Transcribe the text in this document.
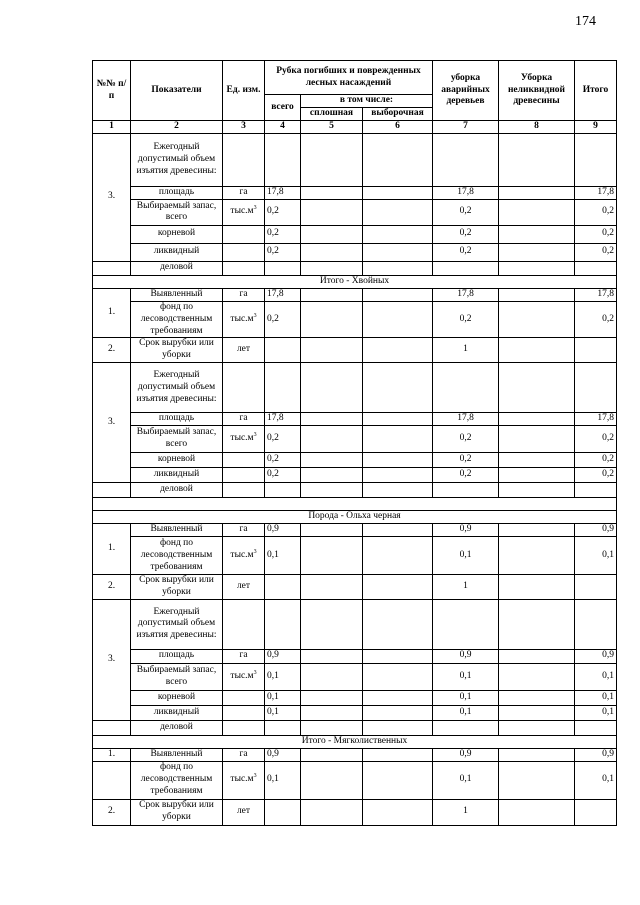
174
№№ п/п	Показатели	Ед. изм.	Рубка погибших и поврежденных лесных насаждений			уборка аварийных деревьев	Уборка неликвидной древесины	Итого
			всего	в том числе:				
				сплошная	выборочная			
1	2	3	4	5	6	7	8	9
3.	Ежегодный допустимый объем изъятия древесины:							
	площадь	га	17,8			17,8		17,8
	Выбираемый запас, всего	$тыс.м^3$	0,2			0,2		0,2
	корневой		0,2			0,2		0,2
	ликвидный		0,2			0,2		0,2
	деловой							
Итого - Хвойных								
1.	Выявленный	га	17,8			17,8		17,8
	фонд по лесоводственным требованиям	$тыс.м^3$	0,2			0,2		0,2
2.	Срок вырубки или уборки	лет				1		
3.	Ежегодный допустимый объем изъятия древесины:							
	площадь	га	17,8			17,8		17,8
	Выбираемый запас, всего	$тыс.м^3$	0,2			0,2		0,2
	корневой		0,2			0,2		0,2
	ликвидный		0,2			0,2		0,2
	деловой							

Порода - Ольха черная								
1.	Выявленный	га	0,9			0,9		0,9
	фонд по лесоводственным требованиям	$тыс.м^3$	0,1			0,1		0,1
2.	Срок вырубки или уборки	лет				1		
3.	Ежегодный допустимый объем изъятия древесины:							
	площадь	га	0,9			0,9		0,9
	Выбираемый запас, всего	$тыс.м^3$	0,1			0,1		0,1
	корневой		0,1			0,1		0,1
	ликвидный		0,1			0,1		0,1
	деловой							
Итого - Мягколиственных								
1.	Выявленный	га	0,9			0,9		0,9
	фонд по лесоводственным требованиям	$тыс.м^3$	0,1			0,1		0,1
2.	Срок вырубки или уборки	лет				1		
